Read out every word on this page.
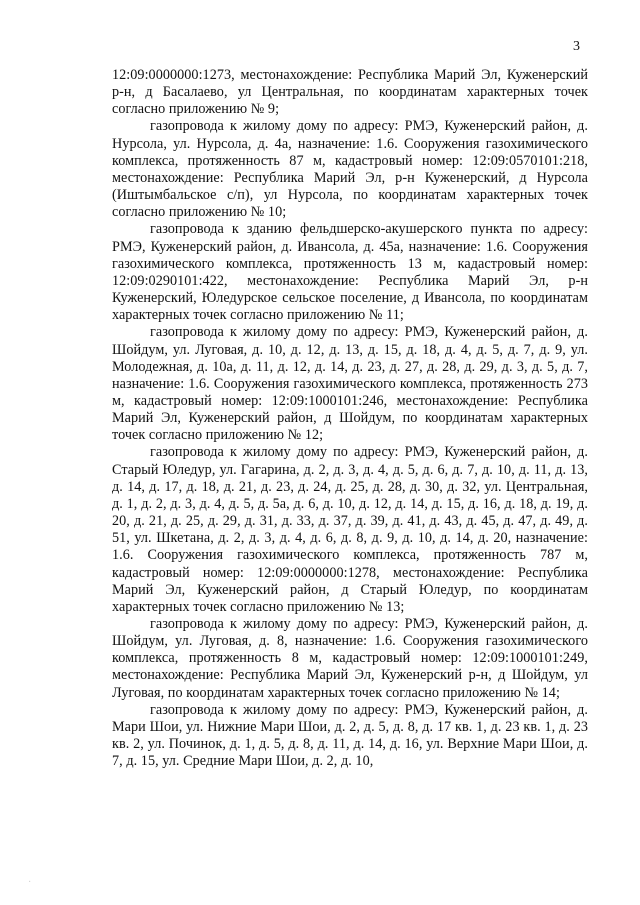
3

12:09:0000000:1273, местонахождение: Республика Марий Эл, Куженерский р-н, д Басалаево, ул Центральная, по координатам характерных точек согласно приложению № 9;

газопровода к жилому дому по адресу: РМЭ, Куженерский район, д. Нурсола, ул. Нурсола, д. 4а, назначение: 1.6. Сооружения газохимического комплекса, протяженность 87 м, кадастровый номер: 12:09:0570101:218, местонахождение: Республика Марий Эл, р-н Куженерский, д Нурсола (Иштымбальское с/п), ул Нурсола, по координатам характерных точек согласно приложению № 10;

газопровода к зданию фельдшерско-акушерского пункта по адресу: РМЭ, Куженерский район, д. Ивансола, д. 45а, назначение: 1.6. Сооружения газохимического комплекса, протяженность 13 м, кадастровый номер: 12:09:0290101:422, местонахождение: Республика Марий Эл, р-н Куженерский, Юледурское сельское поселение, д Ивансола, по координатам характерных точек согласно приложению № 11;

газопровода к жилому дому по адресу: РМЭ, Куженерский район, д. Шойдум, ул. Луговая, д. 10, д. 12, д. 13, д. 15, д. 18, д. 4, д. 5, д. 7, д. 9, ул. Молодежная, д. 10а, д. 11, д. 12, д. 14, д. 23, д. 27, д. 28, д. 29, д. 3, д. 5, д. 7, назначение: 1.6. Сооружения газохимического комплекса, протяженность 273 м, кадастровый номер: 12:09:1000101:246, местонахождение: Республика Марий Эл, Куженерский район, д Шойдум, по координатам характерных точек согласно приложению № 12;

газопровода к жилому дому по адресу: РМЭ, Куженерский район, д. Старый Юледур, ул. Гагарина, д. 2, д. 3, д. 4, д. 5, д. 6, д. 7, д. 10, д. 11, д. 13, д. 14, д. 17, д. 18, д. 21, д. 23, д. 24, д. 25, д. 28, д. 30, д. 32, ул. Центральная, д. 1, д. 2, д. 3, д. 4, д. 5, д. 5а, д. 6, д. 10, д. 12, д. 14, д. 15, д. 16, д. 18, д. 19, д. 20, д. 21, д. 25, д. 29, д. 31, д. 33, д. 37, д. 39, д. 41, д. 43, д. 45, д. 47, д. 49, д. 51, ул. Шкетана, д. 2, д. 3, д. 4, д. 6, д. 8, д. 9, д. 10, д. 14, д. 20, назначение: 1.6. Сооружения газохимического комплекса, протяженность 787 м, кадастровый номер: 12:09:0000000:1278, местонахождение: Республика Марий Эл, Куженерский район, д Старый Юледур, по координатам характерных точек согласно приложению № 13;

газопровода к жилому дому по адресу: РМЭ, Куженерский район, д. Шойдум, ул. Луговая, д. 8, назначение: 1.6. Сооружения газохимического комплекса, протяженность 8 м, кадастровый номер: 12:09:1000101:249, местонахождение: Республика Марий Эл, Куженерский р-н, д Шойдум, ул Луговая, по координатам характерных точек согласно приложению № 14;

газопровода к жилому дому по адресу: РМЭ, Куженерский район, д. Мари Шои, ул. Нижние Мари Шои, д. 2, д. 5, д. 8, д. 17 кв. 1, д. 23 кв. 1, д. 23 кв. 2, ул. Починок, д. 1, д. 5, д. 8, д. 11, д. 14, д. 16, ул. Верхние Мари Шои, д. 7, д. 15, ул. Средние Мари Шои, д. 2, д. 10,

·
